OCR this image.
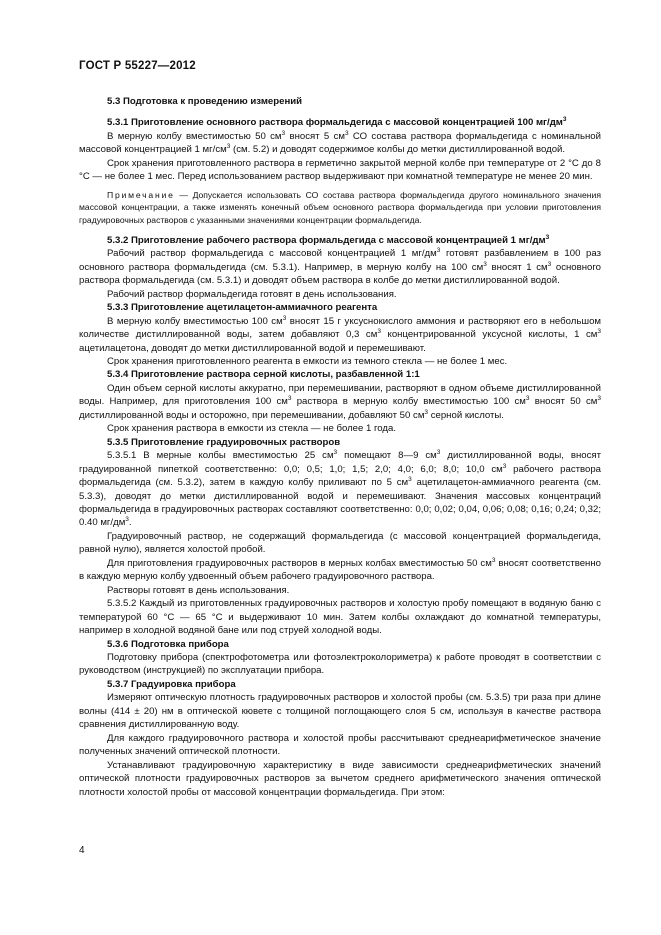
ГОСТ Р 55227—2012

5.3 Подготовка к проведению измерений

5.3.1 Приготовление основного раствора формальдегида с массовой концентрацией 100 $мг/дм^3$

В мерную колбу вместимостью 50 $см^3$ вносят 5 $см^3$ СО состава раствора формальдегида с номинальной массовой концентрацией 1 $мг/см^3$ (см. 5.2) и доводят содержимое колбы до метки дистиллированной водой.

Срок хранения приготовленного раствора в герметично закрытой мерной колбе при температуре от 2 °С до 8 °С — не более 1 мес. Перед использованием раствор выдерживают при комнатной температуре не менее 20 мин.

Примечание — Допускается использовать СО состава раствора формальдегида другого номинального значения массовой концентрации, а также изменять конечный объем основного раствора формальдегида при условии приготовления градуировочных растворов с указанными значениями концентрации формальдегида.

5.3.2 Приготовление рабочего раствора формальдегида с массовой концентрацией 1 $мг/дм^3$

Рабочий раствор формальдегида с массовой концентрацией 1 $мг/дм^3$ готовят разбавлением в 100 раз основного раствора формальдегида (см. 5.3.1). Например, в мерную колбу на 100 $см^3$ вносят 1 $см^3$ основного раствора формальдегида (см. 5.3.1) и доводят объем раствора в колбе до метки дистиллированной водой.

Рабочий раствор формальдегида готовят в день использования.

5.3.3 Приготовление ацетилацетон-аммиачного реагента

В мерную колбу вместимостью 100 $см^3$ вносят 15 г уксуснокислого аммония и растворяют его в небольшом количестве дистиллированной воды, затем добавляют 0,3 $см^3$ концентрированной уксусной кислоты, 1 $см^3$ ацетилацетона, доводят до метки дистиллированной водой и перемешивают.

Срок хранения приготовленного реагента в емкости из темного стекла — не более 1 мес.

5.3.4 Приготовление раствора серной кислоты, разбавленной 1:1

Один объем серной кислоты аккуратно, при перемешивании, растворяют в одном объеме дистиллированной воды. Например, для приготовления 100 $см^3$ раствора в мерную колбу вместимостью 100 $см^3$ вносят 50 $см^3$ дистиллированной воды и осторожно, при перемешивании, добавляют 50 $см^3$ серной кислоты.

Срок хранения раствора в емкости из стекла — не более 1 года.

5.3.5 Приготовление градуировочных растворов

5.3.5.1 В мерные колбы вместимостью 25 $см^3$ помещают 8—9 $см^3$ дистиллированной воды, вносят градуированной пипеткой соответственно: 0,0; 0,5; 1,0; 1,5; 2,0; 4,0; 6,0; 8,0; 10,0 $см^3$ рабочего раствора формальдегида (см. 5.3.2), затем в каждую колбу приливают по 5 $см^3$ ацетилацетон-аммиачного реагента (см. 5.3.3), доводят до метки дистиллированной водой и перемешивают. Значения массовых концентраций формальдегида в градуировочных растворах составляют соответственно: 0,0; 0,02; 0,04, 0,06; 0,08; 0,16; 0,24; 0,32; 0.40 $мг/дм^3$.

Градуировочный раствор, не содержащий формальдегида (с массовой концентрацией формальдегида, равной нулю), является холостой пробой.

Для приготовления градуировочных растворов в мерных колбах вместимостью 50 $см^3$ вносят соответственно в каждую мерную колбу удвоенный объем рабочего градуировочного раствора.

Растворы готовят в день использования.

5.3.5.2 Каждый из приготовленных градуировочных растворов и холостую пробу помещают в водяную баню с температурой 60 °С — 65 °С и выдерживают 10 мин. Затем колбы охлаждают до комнатной температуры, например в холодной водяной бане или под струей холодной воды.

5.3.6 Подготовка прибора

Подготовку прибора (спектрофотометра или фотоэлектроколориметра) к работе проводят в соответствии с руководством (инструкцией) по эксплуатации прибора.

5.3.7 Градуировка прибора

Измеряют оптическую плотность градуировочных растворов и холостой пробы (см. 5.3.5) три раза при длине волны (414 ± 20) нм в оптической кювете с толщиной поглощающего слоя 5 см, используя в качестве раствора сравнения дистиллированную воду.

Для каждого градуировочного раствора и холостой пробы рассчитывают среднеарифметическое значение полученных значений оптической плотности.

Устанавливают градуировочную характеристику в виде зависимости среднеарифметических значений оптической плотности градуировочных растворов за вычетом среднего арифметического значения оптической плотности холостой пробы от массовой концентрации формальдегида. При этом:

4
